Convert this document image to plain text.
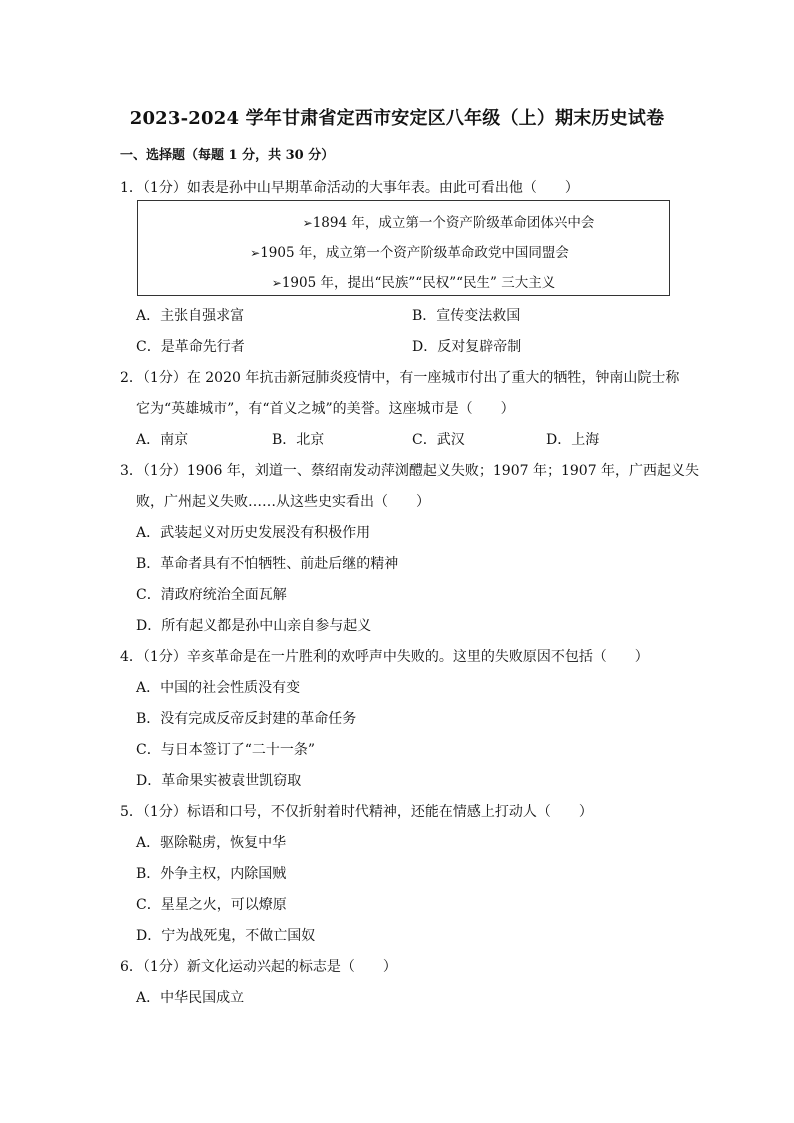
2023-2024 学年甘肃省定西市安定区八年级（上）期末历史试卷
一、选择题（每题 1 分，共 30 分）
1．（1分）如表是孙中山早期革命活动的大事年表。由此可看出他（　　）
➢1894 年，成立第一个资产阶级革命团体兴中会
➢1905 年，成立第一个资产阶级革命政党中国同盟会
➢1905 年，提出“民族”“民权”“民生” 三大主义
A．主张自强求富	B．宣传变法救国
C．是革命先行者	D．反对复辟帝制
2．（1分）在 2020 年抗击新冠肺炎疫情中，有一座城市付出了重大的牺牲，钟南山院士称
它为“英雄城市”，有“首义之城”的美誉。这座城市是（　　）
A．南京	B．北京	C．武汉	D．上海
3．（1分）1906 年，刘道一、蔡绍南发动萍浏醴起义失败；1907 年；1907 年，广西起义失
败，广州起义失败……从这些史实看出（　　）
A．武装起义对历史发展没有积极作用
B．革命者具有不怕牺牲、前赴后继的精神
C．清政府统治全面瓦解
D．所有起义都是孙中山亲自参与起义
4．（1分）辛亥革命是在一片胜利的欢呼声中失败的。这里的失败原因不包括（　　）
A．中国的社会性质没有变
B．没有完成反帝反封建的革命任务
C．与日本签订了“二十一条”
D．革命果实被袁世凯窃取
5．（1分）标语和口号，不仅折射着时代精神，还能在情感上打动人（　　）
A．驱除鞑虏，恢复中华
B．外争主权，内除国贼
C．星星之火，可以燎原
D．宁为战死鬼，不做亡国奴
6．（1分）新文化运动兴起的标志是（　　）
A．中华民国成立
